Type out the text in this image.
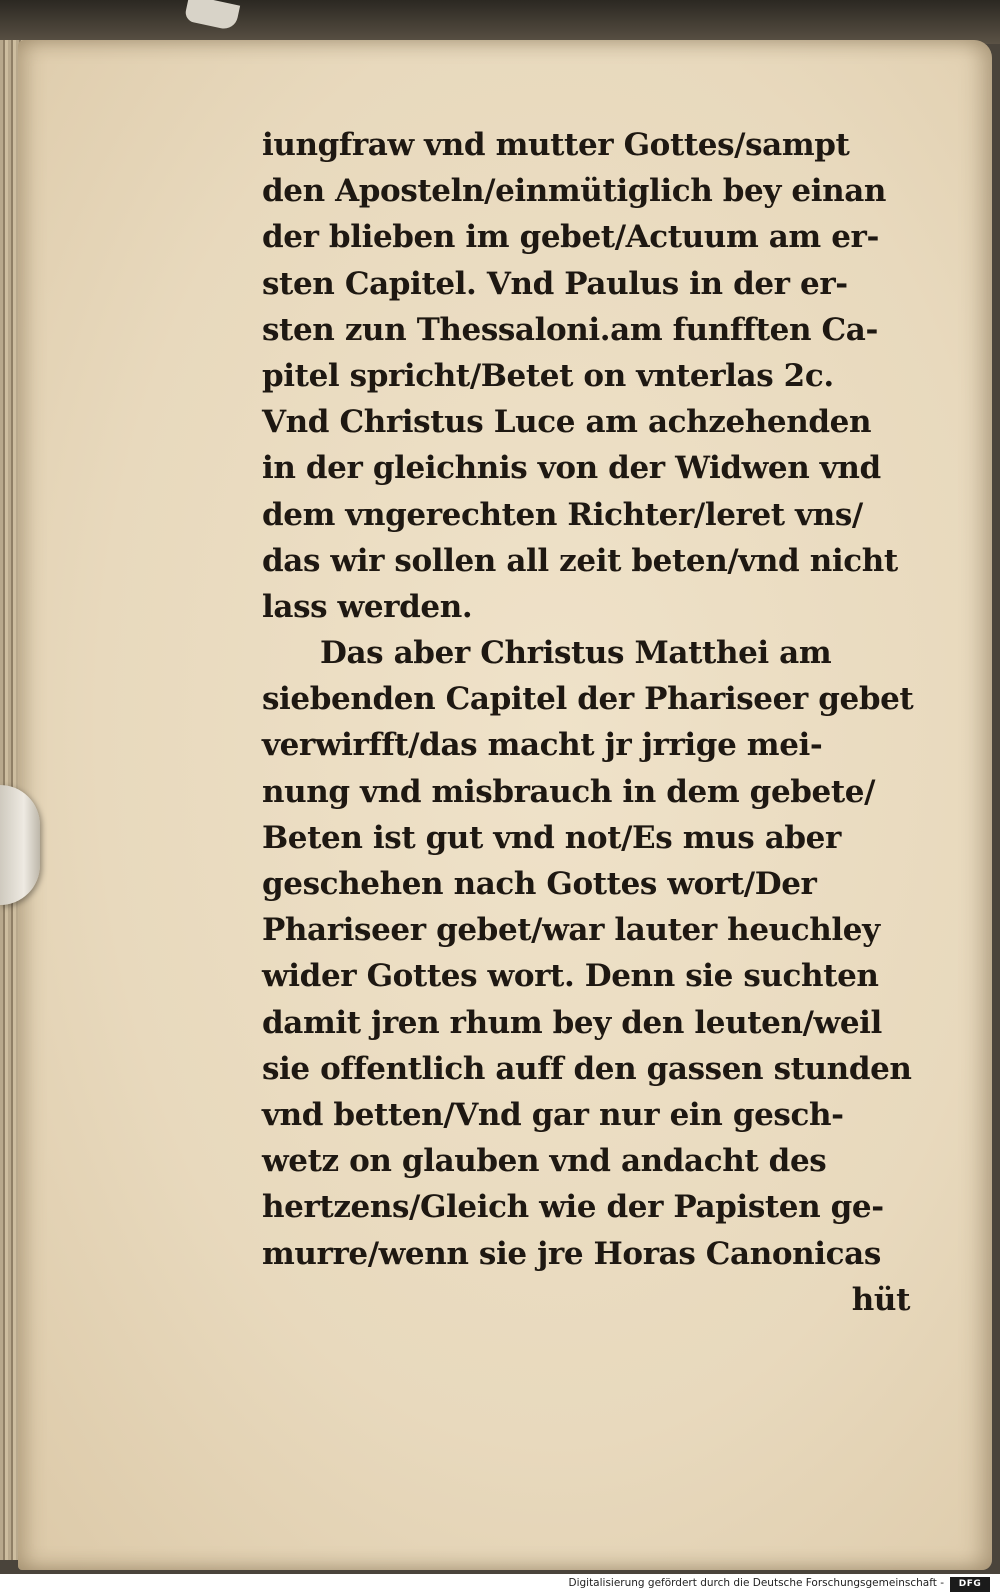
iungfraw vnd mutter Gottes/sampt
den Aposteln/einmütiglich bey einan
der blieben im gebet/Actuum am er-
sten Capitel. Vnd Paulus in der er-
sten zun Thessaloni.am funfften Ca-
pitel spricht/Betet on vnterlas 2c.
Vnd Christus Luce am achzehenden
in der gleichnis von der Widwen vnd
dem vngerechten Richter/leret vns/
das wir sollen all zeit beten/vnd nicht
lass werden.
Das aber Christus Matthei am
siebenden Capitel der Phariseer gebet
verwirfft/das macht jr jrrige mei-
nung vnd misbrauch in dem gebete/
Beten ist gut vnd not/Es mus aber
geschehen nach Gottes wort/Der
Phariseer gebet/war lauter heuchley
wider Gottes wort. Denn sie suchten
damit jren rhum bey den leuten/weil
sie offentlich auff den gassen stunden
vnd betten/Vnd gar nur ein gesch-
wetz on glauben vnd andacht des
hertzens/Gleich wie der Papisten ge-
murre/wenn sie jre Horas Canonicas
hüt
Digitalisierung gefördert durch die Deutsche Forschungsgemeinschaft -	DFG
